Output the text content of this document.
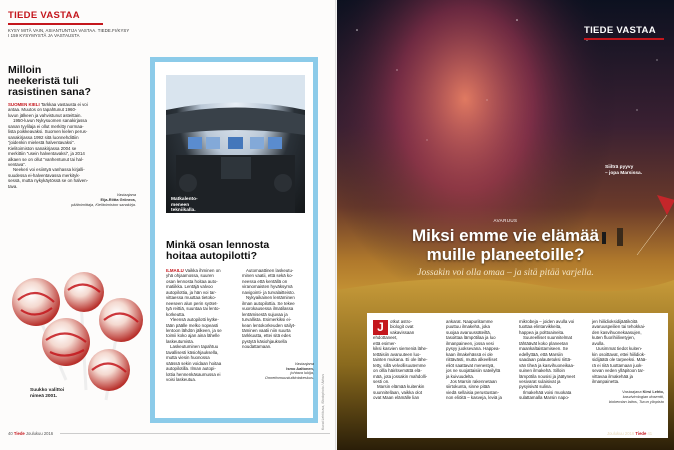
TIEDE VASTAA
KYSY MITÄ VAIN, ASIANTUNTIJA VASTAA. TIEDE.FI/KYSY
I 159 KYSYMYSTÄ JA VASTAUSTA
Milloin
neekeristä tuli
rasistinen sana?
SUOMEN KIELI Tarkkaa vastausta ei voi
antaa. Muutos on tapahtunut 1960-
luvun jälkeen ja vahvistunut asteittain.
1950-luvun Nykysuomen sanakirjassa
sanan tyylilaja ei ollut merkitty normaa-
lista poikkeavaksi. Suomen kielen perus-
sanakirjassa 1992 sitä luonnehdittiin
”joidenkin mielestä halventavaksi”.
Kielitoimiston sanakirjassa 2004 se
merkittiin ”usein halventavaksi”, ja 2014
alkaen se on ollut ”vanhentunut tai hal-
ventava”.
Neekeri voi esiintyä vanhassa kirjalli-
suudessa ei-halventavassa merkityk-
sessä, mutta nykykäytössä se on halven-
tava.
Vastaajana
Eija-Riitta Grönros,
päätoimittaja, Kielitoimiston sanakirja.
Suukko valittoi
nimeä 2001.
Matkalento-
meneen
tekniikalla.
Minkä osan lennosta
hoitaa autopilotti?
ILMAILU Vaikka ihminen on
yhä ohjaamossa, suuren
osan lennosta hoitaa auto-
matiikka. Lentäjä valvoo
autopilottia, ja hän voi tar-
vittaessa muuttaa tietoko-
neeseen alun perin syötet-
tyä reittiä, suuntaa tai lento-
korkeutta.
Yleensä autopilotti kytke-
tään päälle melko nopeasti
lentoon lähdön jälkeen, ja se
toimii koko ajan aina lähelle
laskeutumista.
Laskeutuminen tapahtuu
tavallisesti käsiohjauksella,
mutta viesin huonossa
säässä sekin voidaan hoitaa
autopilotilla. Ilman autopi-
lottia hennenkäsaumussa ei
voisi laskeutua.
Automaattinen laskeutu-
minen vaatii, että sekä ko-
neessa että kentällä on
viranomaisten hyväksymä
navigointi- ja turvalaitteisto.
Nykyaikainen lentäminen
ilman autopilottia. Se tekee
vuorokausessa ilmatilassa
lentämisestä sujuvaa ja
turvallista. Esimerkiksi ei-
kean lentokorkeuden säilyt-
täminen vaatii niin suurta
tarkkuutta, ettei sitä edes
pystytä käsiohjauksella
noudattamaan.
Vastaajana
Ismo Aaltonen,
johtava lukija,
Onnettomuustutkintakeskus. Kuvat Lehtikuva, iStockphoto / Airbus
40 Tiede Joulukuu 2016
TIEDE VASTAA
Siilträ pyyvy
– jopa Marsissa.
AVARUUS
Miksi emme vie elämää
muille planeetoille?
Jossakin voi olla omaa – ja sitä pitää varjella.
J	otkut astro-
biologit ovat
vakavissaan
ehdottaneet,
että esimer-
kiksi kasvien siemeniä lähe-
tettäisiin avaruuteen luo-
tainten mukana. Ei ole lähe-
tetty, sillä velvollisuutemme
on ollla häiritsemättä elä-
mää, jota jossakin mahdolli-
sesti on.
Marsin elämää kuitenkin
suunnitellaan, vaikka olot
ovat Maan elämälle lian
ankarat. Naapuriitamme
puuttuu ilmakehä, joka
suojaa avaruussäteiltä,
tasoittaa lämpötilaa ja luo
ilmanpaineen, jossa vesi
pysyy juoksevana. Happea-
kaan ilmakehässä ei ole
riittävästi, mutta alkeelliset
eliöt saattavat menestyä,
jos ne suojattaisiin sateilyltä
ja kuivuudelta.
Jos Marsin rakennetaan
siirtokunta, sinne pitää
viedä sellaisia perustustan-
non eliöitä – kasveja, leviä ja
mikrobeja – joiden avulla voi
tuottaa elintarvikkeita,
happea ja polttoaineita.
Suureelliset suunnitelmat
tähtäävät koko planeetan
maankaltaistamiseen. Se
edellyttää, että Marsiin
saadaan palautetuksi riittä-
vän tiheä ja kasvihuoneikaa-
suinen ilmakehä. Silloin
lämpötila nousisi ja jäätyneet
vesivarat sulaisivat ja
pysyisivät sulina.
Ilmakehää voisi muokata
sulattamalla Marsin napo-
jen hiilidioksidijäätiköitä
avaruuspeilien tai tehokkai-
den kasvihuonekaasujen,
kuten fluorihiilivetyjen,
avulla.
Uusimmat tiedot kuiten-
kin osoittavat, ettei hiilidiok-
sidijäätä ole tarpeeksi. Mää-
rä ei riitä tuottamaan juok-
sevan veden ylläpitoon tar-
vittavaa ilmakehää ja
ilmanpainetta.
Vastaajana Kirsi Lehto,
kasvivirologian dosentti,
biokemian laitos, Turun yliopisto
Joulukuu 2016 Tiede 41
